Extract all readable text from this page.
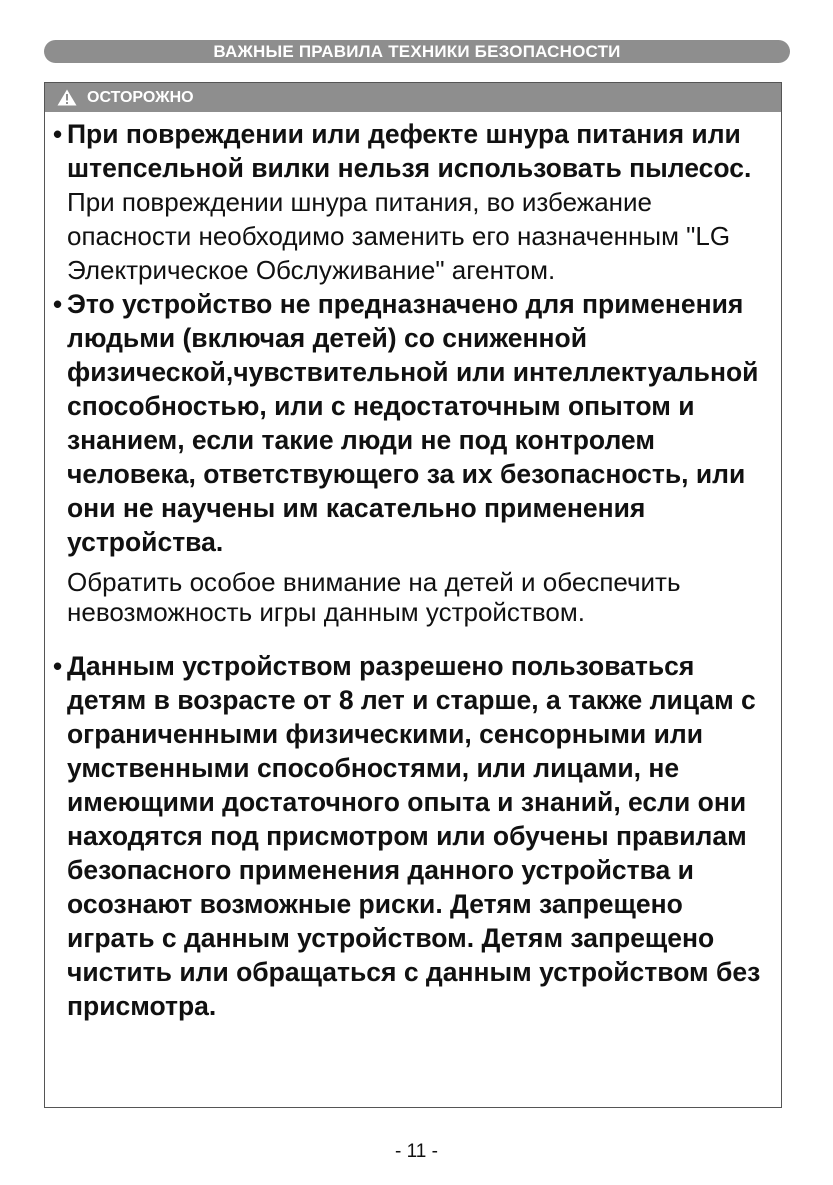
ВАЖНЫЕ ПРАВИЛА ТЕХНИКИ БЕЗОПАСНОСТИ
ОСТОРОЖНО
• При повреждении или дефекте шнура питания или штепсельной вилки нельзя использовать пылесос.

При повреждении шнура питания, во избежание опасности необходимо заменить его назначенным "LG Электрическое Обслуживание" агентом.

• Это устройство не предназначено для применения людьми (включая детей) со сниженной физической,чувствительной или интеллектуальной способностью, или с недостаточным опытом и знанием, если такие люди не под контролем человека, ответствующего за их безопасность, или они не научены им касательно применения устройства.

Обратить особое внимание на детей и обеспечить невозможность игры данным устройством.

• Данным устройством разрешено пользоваться детям в возрасте от 8 лет и старше, а также лицам с ограниченными физическими, сенсорными или умственными способностями, или лицами, не имеющими достаточного опыта и знаний, если они находятся под присмотром или обучены правилам безопасного применения данного устройства и осознают возможные риски. Детям запрещено играть с данным устройством. Детям запрещено чистить или обращаться с данным устройством без присмотра.

- 11 -
